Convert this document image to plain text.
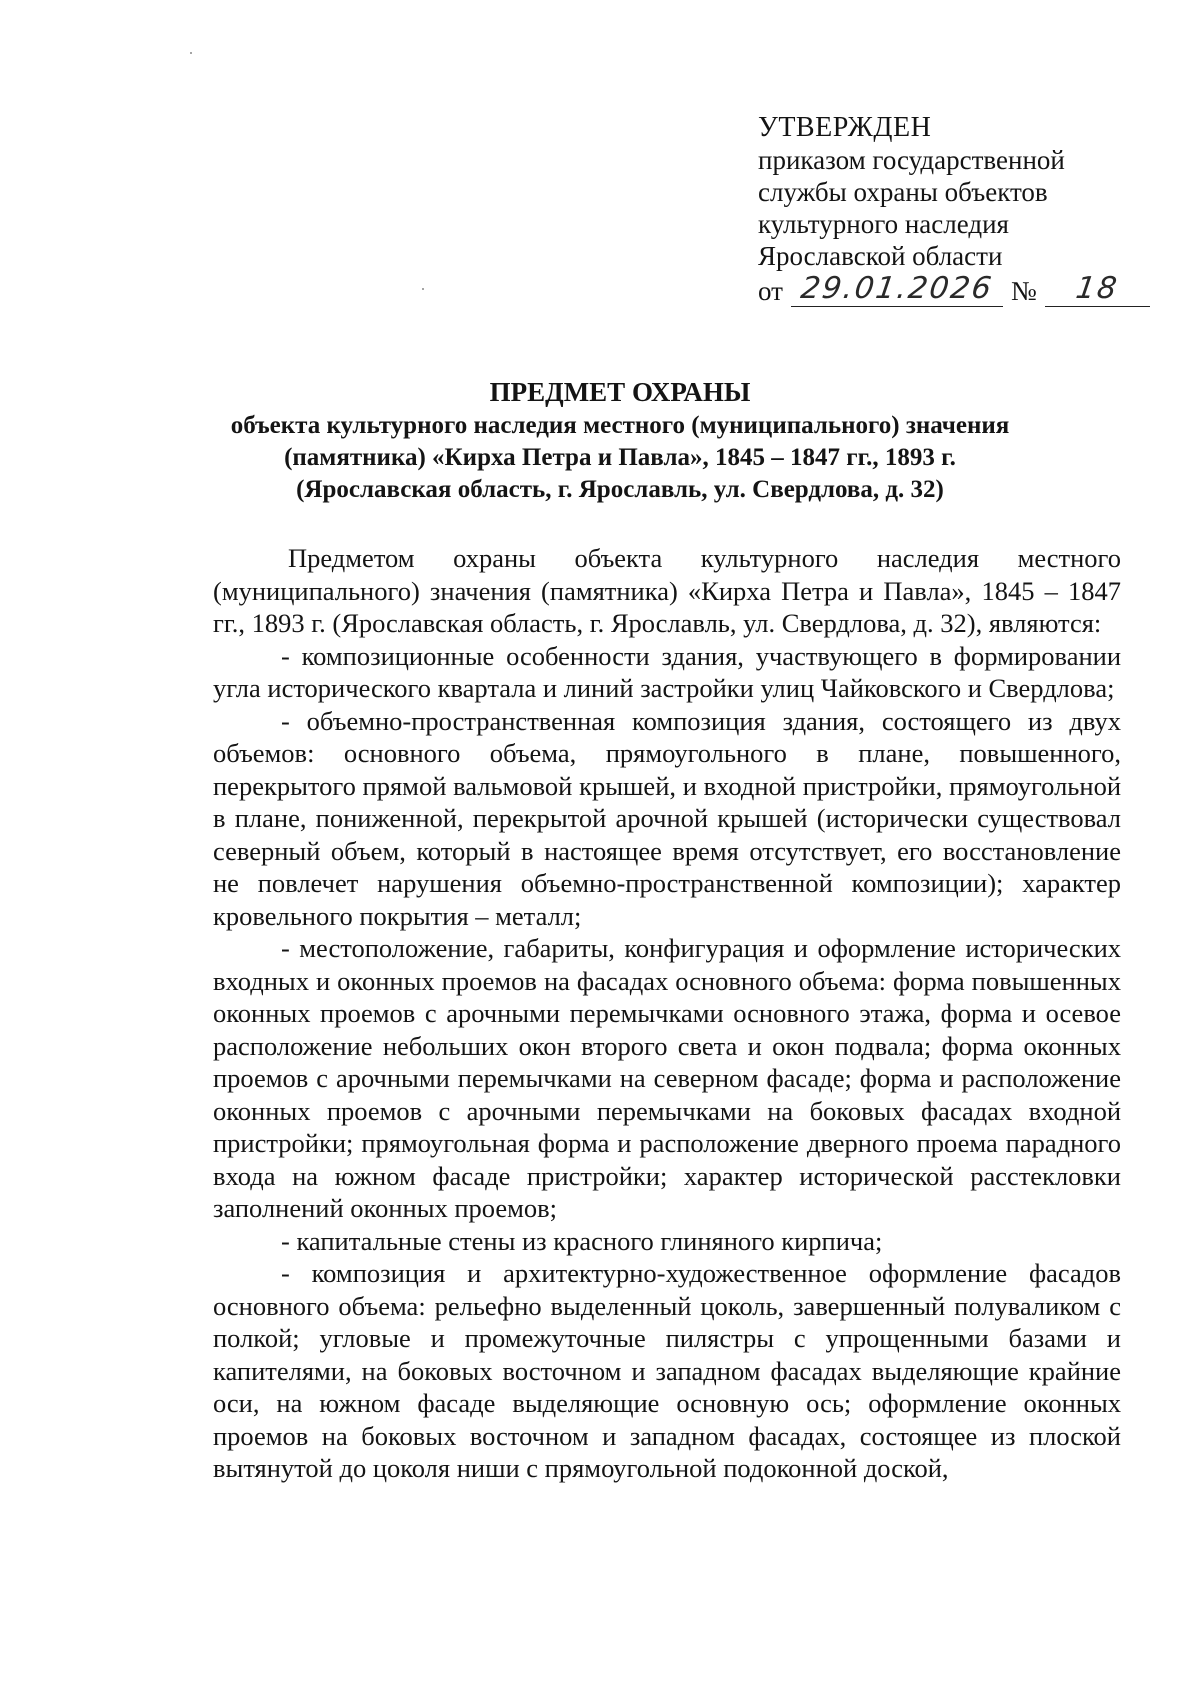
УТВЕРЖДЕН
приказом государственной
службы охраны объектов
культурного наследия
Ярославской области
от 29.01.2026 №	18
ПРЕДМЕТ ОХРАНЫ
объекта культурного наследия местного (муниципального) значения
(памятника) «Кирха Петра и Павла», 1845 – 1847 гг., 1893 г.
(Ярославская область, г. Ярославль, ул. Свердлова, д. 32)

Предметом охраны объекта культурного наследия местного (муниципального) значения (памятника) «Кирха Петра и Павла», 1845 – 1847 гг., 1893 г. (Ярославская область, г. Ярославль, ул. Свердлова, д. 32), являются:

- композиционные особенности здания, участвующего в формировании угла исторического квартала и линий застройки улиц Чайковского и Свердлова;

- объемно-пространственная композиция здания, состоящего из двух объемов: основного объема, прямоугольного в плане, повышенного, перекрытого прямой вальмовой крышей, и входной пристройки, прямоугольной в плане, пониженной, перекрытой арочной крышей (исторически существовал северный объем, который в настоящее время отсутствует, его восстановление не повлечет нарушения объемно-пространственной композиции); характер кровельного покрытия – металл;

- местоположение, габариты, конфигурация и оформление исторических входных и оконных проемов на фасадах основного объема: форма повышенных оконных проемов с арочными перемычками основного этажа, форма и осевое расположение небольших окон второго света и окон подвала; форма оконных проемов с арочными перемычками на северном фасаде; форма и расположение оконных проемов с арочными перемычками на боковых фасадах входной пристройки; прямоугольная форма и расположение дверного проема парадного входа на южном фасаде пристройки; характер исторической расстекловки заполнений оконных проемов;

- капитальные стены из красного глиняного кирпича;

- композиция и архитектурно-художественное оформление фасадов основного объема: рельефно выделенный цоколь, завершенный полуваликом с полкой; угловые и промежуточные пилястры с упрощенными базами и капителями, на боковых восточном и западном фасадах выделяющие крайние оси, на южном фасаде выделяющие основную ось; оформление оконных проемов на боковых восточном и западном фасадах, состоящее из плоской вытянутой до цоколя ниши с прямоугольной подоконной доской,
